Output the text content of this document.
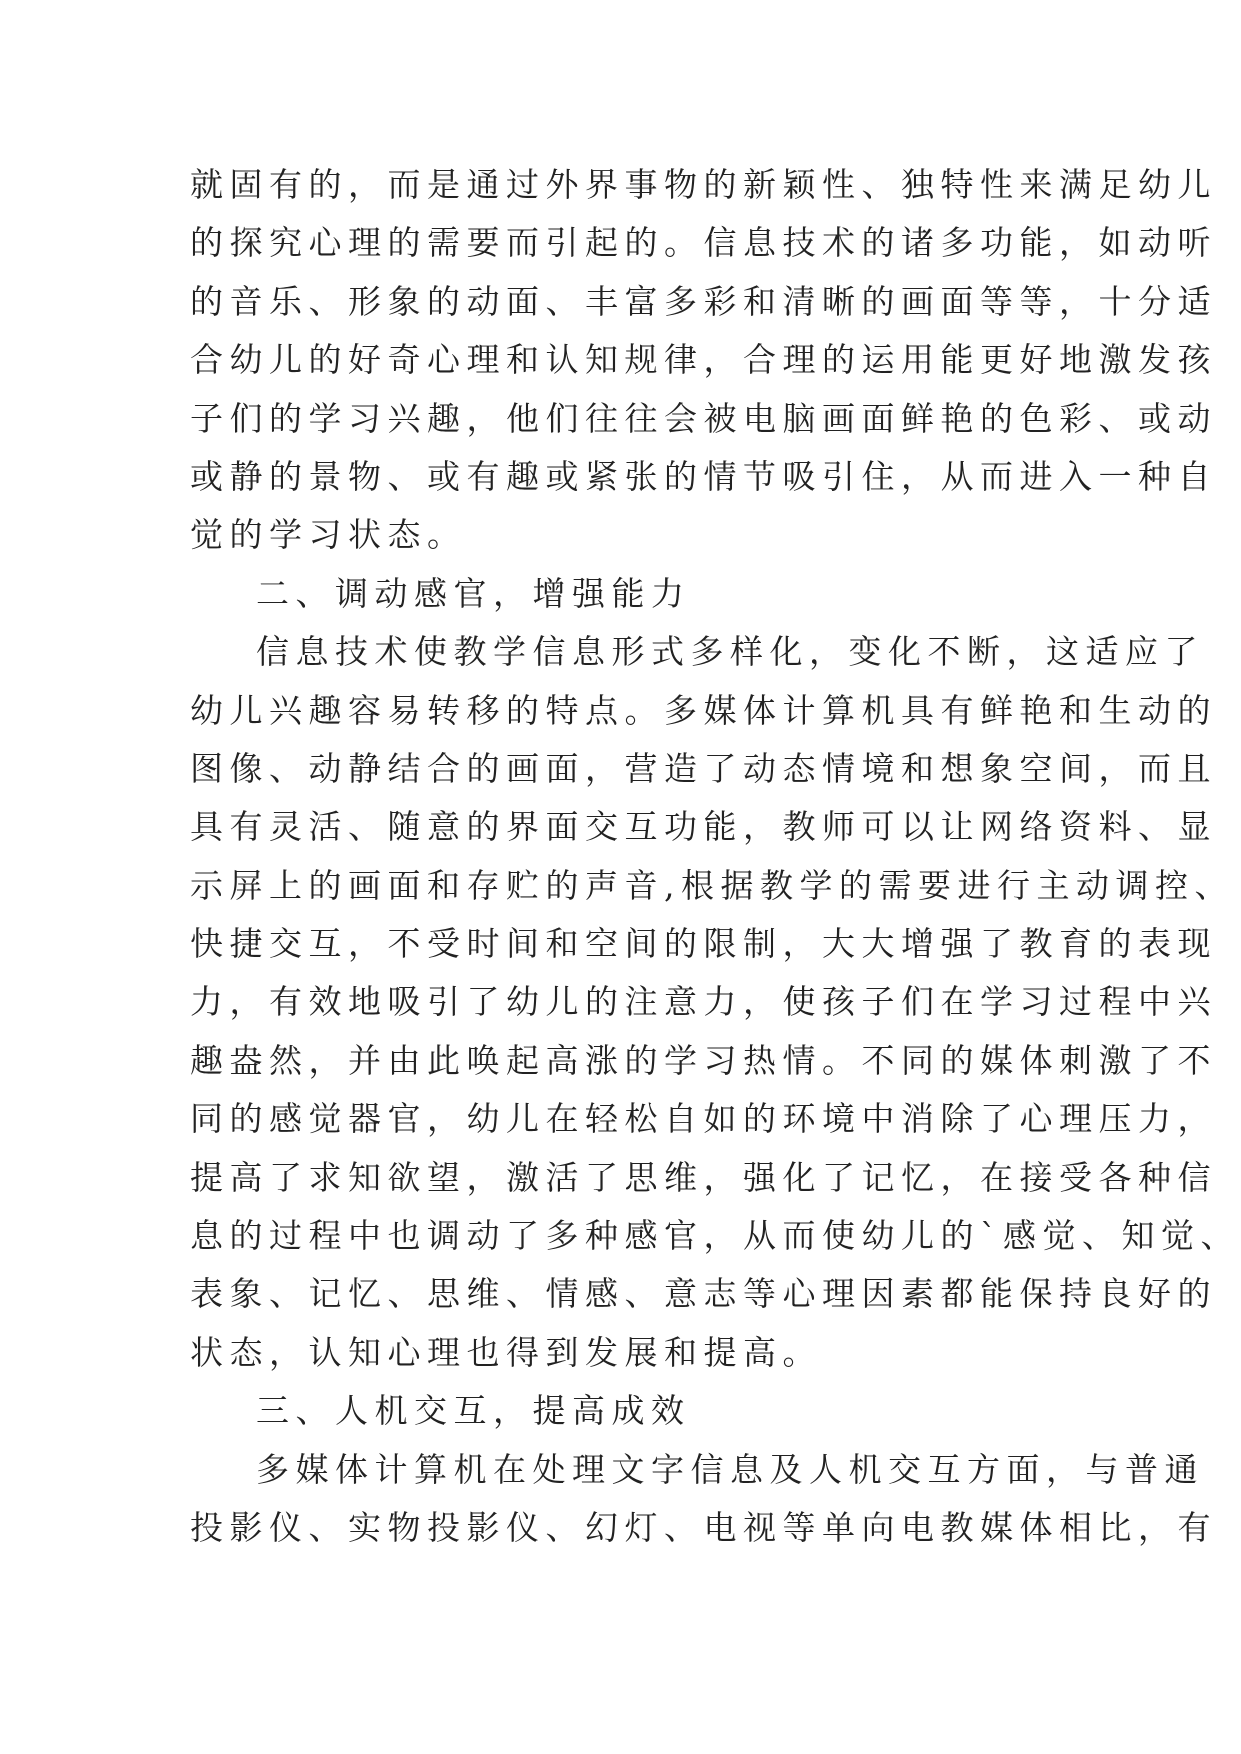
就固有的，而是通过外界事物的新颖性、独特性来满足幼儿
的探究心理的需要而引起的。信息技术的诸多功能，如动听
的音乐、形象的动面、丰富多彩和清晰的画面等等，十分适
合幼儿的好奇心理和认知规律，合理的运用能更好地激发孩
子们的学习兴趣，他们往往会被电脑画面鲜艳的色彩、或动
或静的景物、或有趣或紧张的情节吸引住，从而进入一种自
觉的学习状态。
二、调动感官，增强能力
信息技术使教学信息形式多样化，变化不断，这适应了
幼儿兴趣容易转移的特点。多媒体计算机具有鲜艳和生动的
图像、动静结合的画面，营造了动态情境和想象空间，而且
具有灵活、随意的界面交互功能，教师可以让网络资料、显
示屏上的画面和存贮的声音,根据教学的需要进行主动调控、
快捷交互，不受时间和空间的限制，大大增强了教育的表现
力，有效地吸引了幼儿的注意力，使孩子们在学习过程中兴
趣盎然，并由此唤起高涨的学习热情。不同的媒体刺激了不
同的感觉器官，幼儿在轻松自如的环境中消除了心理压力，
提高了求知欲望，激活了思维，强化了记忆，在接受各种信
息的过程中也调动了多种感官，从而使幼儿的`感觉、知觉、
表象、记忆、思维、情感、意志等心理因素都能保持良好的
状态，认知心理也得到发展和提高。
三、人机交互，提高成效
多媒体计算机在处理文字信息及人机交互方面，与普通
投影仪、实物投影仪、幻灯、电视等单向电教媒体相比，有
